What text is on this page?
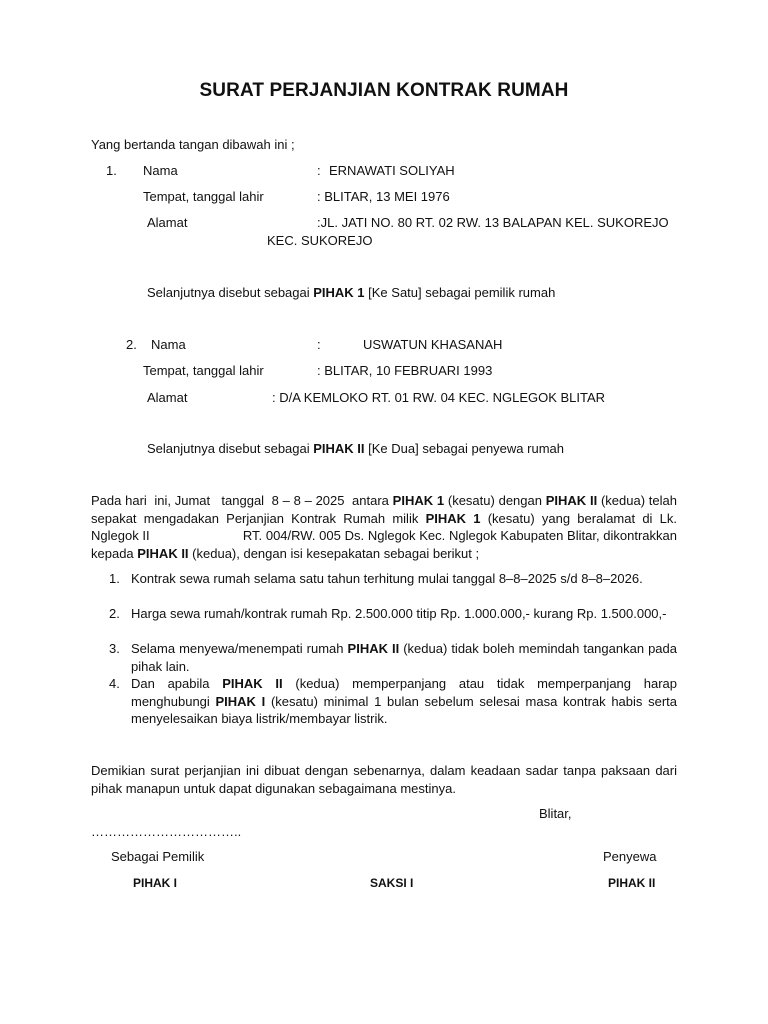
SURAT PERJANJIAN KONTRAK RUMAH
Yang bertanda tangan dibawah ini ;
1. Nama	: ERNAWATI SOLIYAH
Tempat, tanggal lahir	: BLITAR, 13 MEI 1976
Alamat	:JL. JATI NO. 80 RT. 02 RW. 13 BALAPAN KEL. SUKOREJO
KEC. SUKOREJO
Selanjutnya disebut sebagai PIHAK 1 [Ke Satu] sebagai pemilik rumah
2. Nama	:	USWATUN KHASANAH
Tempat, tanggal lahir	: BLITAR, 10 FEBRUARI 1993
Alamat	: D/A KEMLOKO RT. 01 RW. 04 KEC. NGLEGOK BLITAR
Selanjutnya disebut sebagai PIHAK II [Ke Dua] sebagai penyewa rumah
Pada hari  ini, Jumat   tanggal  8 – 8 – 2025  antara PIHAK 1 (kesatu) dengan PIHAK II (kedua) telah sepakat mengadakan Perjanjian Kontrak Rumah milik PIHAK 1 (kesatu) yang beralamat di Lk. Nglegok II                         RT. 004/RW. 005 Ds. Nglegok Kec. Nglegok Kabupaten Blitar, dikontrakkan kepada PIHAK II (kedua), dengan isi kesepakatan sebagai berikut ;
1. Kontrak sewa rumah selama satu tahun terhitung mulai tanggal 8–8–2025 s/d 8–8–2026.
2. Harga sewa rumah/kontrak rumah Rp. 2.500.000 titip Rp. 1.000.000,- kurang Rp. 1.500.000,-
3. Selama menyewa/menempati rumah PIHAK II (kedua) tidak boleh memindah tangankan pada pihak lain.
4. Dan apabila PIHAK II (kedua) memperpanjang atau tidak memperpanjang harap menghubungi PIHAK I (kesatu) minimal 1 bulan sebelum selesai masa kontrak habis serta menyelesaikan biaya listrik/membayar listrik.
Demikian surat perjanjian ini dibuat dengan sebenarnya, dalam keadaan sadar tanpa paksaan dari pihak manapun untuk dapat digunakan sebagaimana mestinya.
Blitar,
……………………………..
Sebagai Pemilik	Penyewa
PIHAK I	SAKSI I	PIHAK II
